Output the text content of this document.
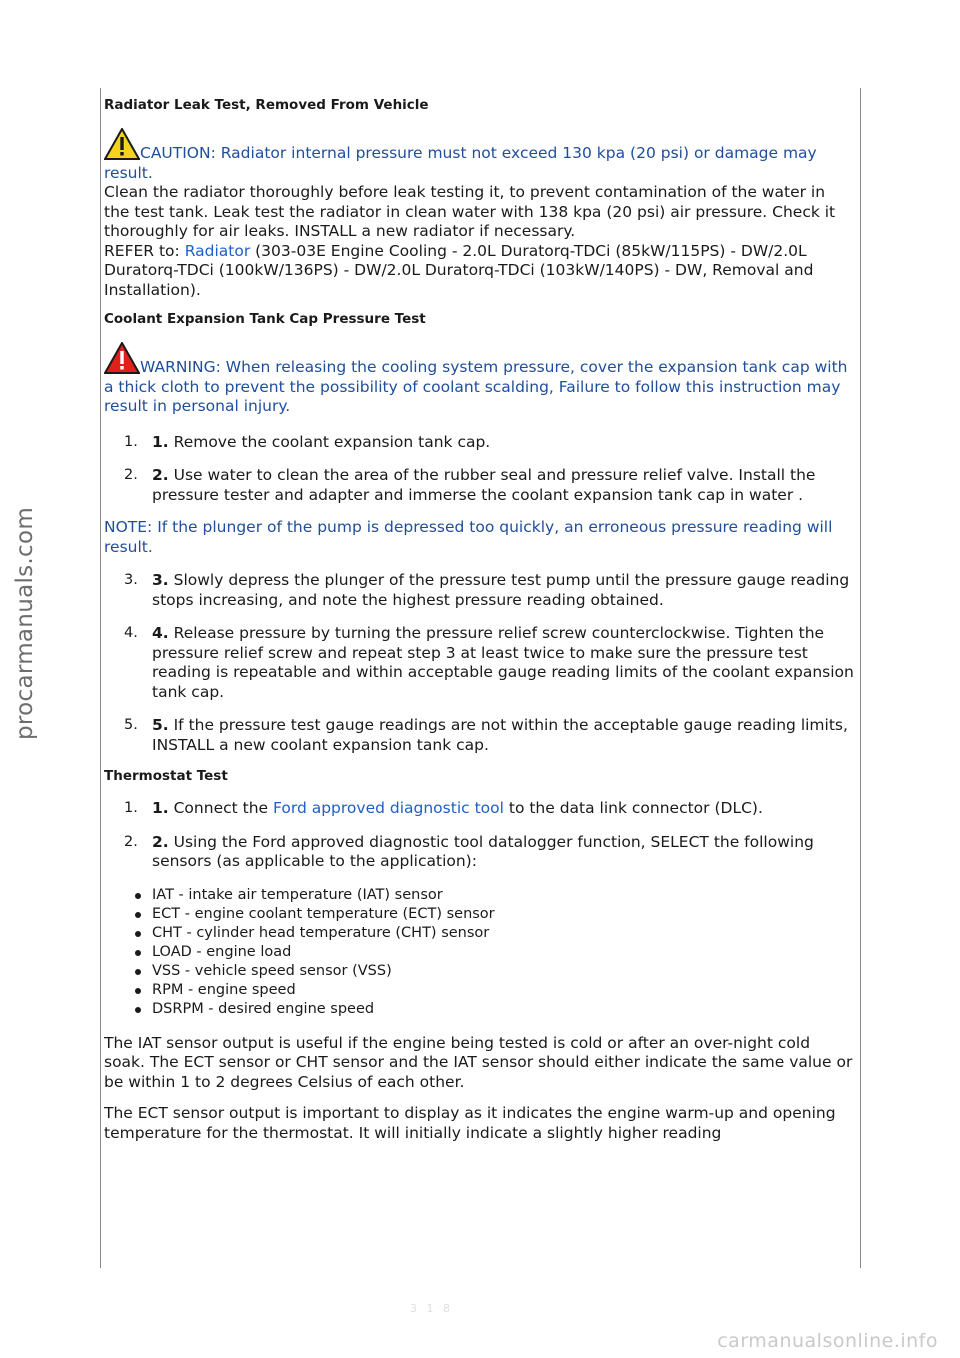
procarmanuals.com
Radiator Leak Test, Removed From Vehicle

CAUTION: Radiator internal pressure must not exceed 130 kpa (20 psi) or damage may result.

Clean the radiator thoroughly before leak testing it, to prevent contamination of the water in the test tank. Leak test the radiator in clean water with 138 kpa (20 psi) air pressure. Check it thoroughly for air leaks. INSTALL a new radiator if necessary.

REFER to: Radiator (303-03E Engine Cooling - 2.0L Duratorq-TDCi (85kW/115PS) - DW/2.0L Duratorq-TDCi (100kW/136PS) - DW/2.0L Duratorq-TDCi (103kW/140PS) - DW, Removal and Installation).

Coolant Expansion Tank Cap Pressure Test

WARNING: When releasing the cooling system pressure, cover the expansion tank cap with a thick cloth to prevent the possibility of coolant scalding, Failure to follow this instruction may result in personal injury.

1. 1. Remove the coolant expansion tank cap.
2. 2. Use water to clean the area of the rubber seal and pressure relief valve. Install the pressure tester and adapter and immerse the coolant expansion tank cap in water .

NOTE: If the plunger of the pump is depressed too quickly, an erroneous pressure reading will result.

3. 3. Slowly depress the plunger of the pressure test pump until the pressure gauge reading stops increasing, and note the highest pressure reading obtained.
4. 4. Release pressure by turning the pressure relief screw counterclockwise. Tighten the pressure relief screw and repeat step 3 at least twice to make sure the pressure test reading is repeatable and within acceptable gauge reading limits of the coolant expansion tank cap.
5. 5. If the pressure test gauge readings are not within the acceptable gauge reading limits, INSTALL a new coolant expansion tank cap.
Thermostat Test
1. 1. Connect the Ford approved diagnostic tool to the data link connector (DLC).
2. 2. Using the Ford approved diagnostic tool datalogger function, SELECT the following sensors (as applicable to the application):
IAT - intake air temperature (IAT) sensor
ECT - engine coolant temperature (ECT) sensor
CHT - cylinder head temperature (CHT) sensor
LOAD - engine load
VSS - vehicle speed sensor (VSS)
RPM - engine speed
DSRPM - desired engine speed

The IAT sensor output is useful if the engine being tested is cold or after an over-night cold soak. The ECT sensor or CHT sensor and the IAT sensor should either indicate the same value or be within 1 to 2 degrees Celsius of each other.

The ECT sensor output is important to display as it indicates the engine warm-up and opening temperature for the thermostat. It will initially indicate a slightly higher reading

3 1 8
carmanualsonline.info
